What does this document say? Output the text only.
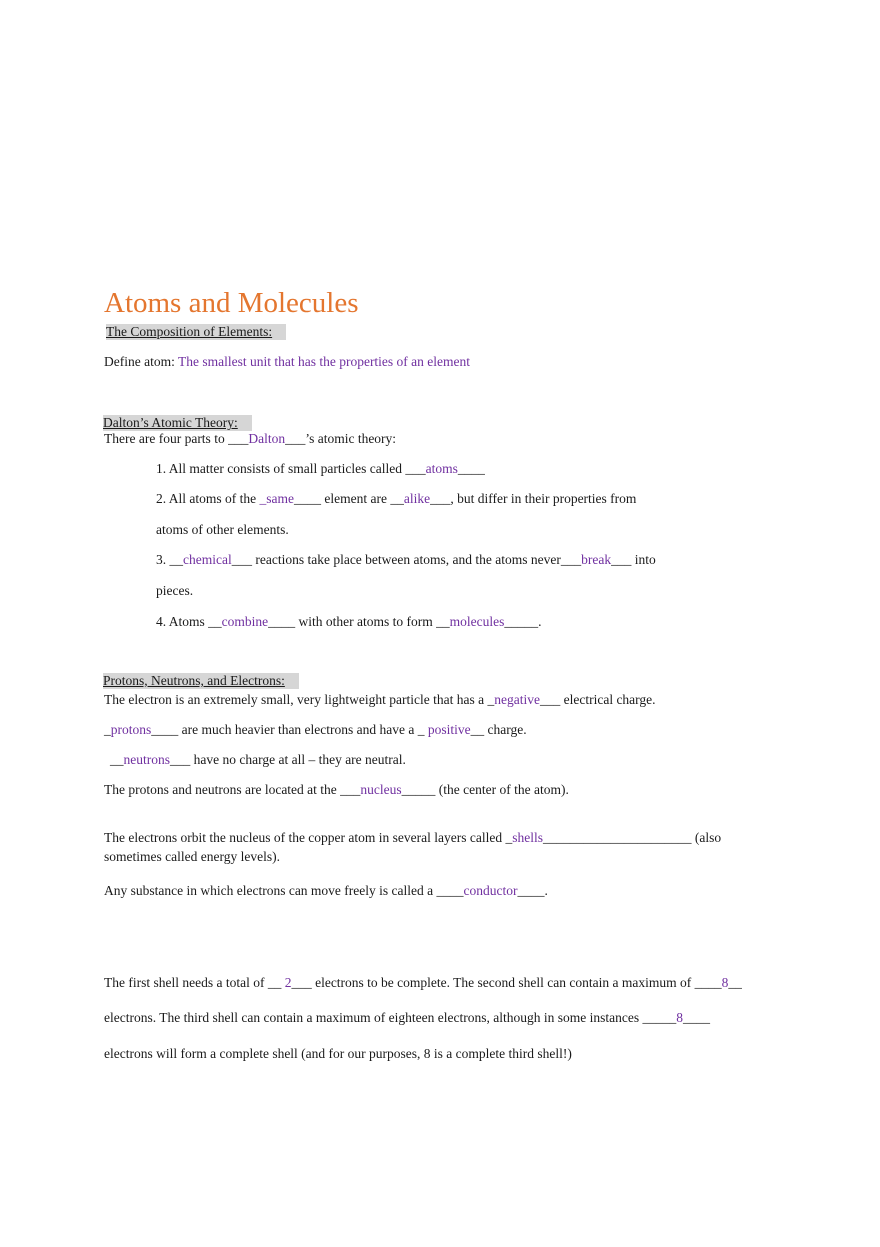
Atoms and Molecules
The Composition of Elements:
Define atom: The smallest unit that has the properties of an element
Dalton’s Atomic Theory:
There are four parts to ___Dalton___’s atomic theory:
1. All matter consists of small particles called ___atoms____
2. All atoms of the _same____ element are __alike___, but differ in their properties from
atoms of other elements.
3. __chemical___ reactions take place between atoms, and the atoms never___break___ into
pieces.
4. Atoms __combine____ with other atoms to form __molecules_____.
Protons, Neutrons, and Electrons:
The electron is an extremely small, very lightweight particle that has a _negative___ electrical charge.
_protons____ are much heavier than electrons and have a _ positive__ charge.
__neutrons___ have no charge at all – they are neutral.
The protons and neutrons are located at the ___nucleus_____ (the center of the atom).
The electrons orbit the nucleus of the copper atom in several layers called _shells______________________ (also
sometimes called energy levels).
Any substance in which electrons can move freely is called a ____conductor____.
The first shell needs a total of __ 2___ electrons to be complete. The second shell can contain a maximum of ____8__
electrons. The third shell can contain a maximum of eighteen electrons, although in some instances _____8____
electrons will form a complete shell (and for our purposes, 8 is a complete third shell!)
